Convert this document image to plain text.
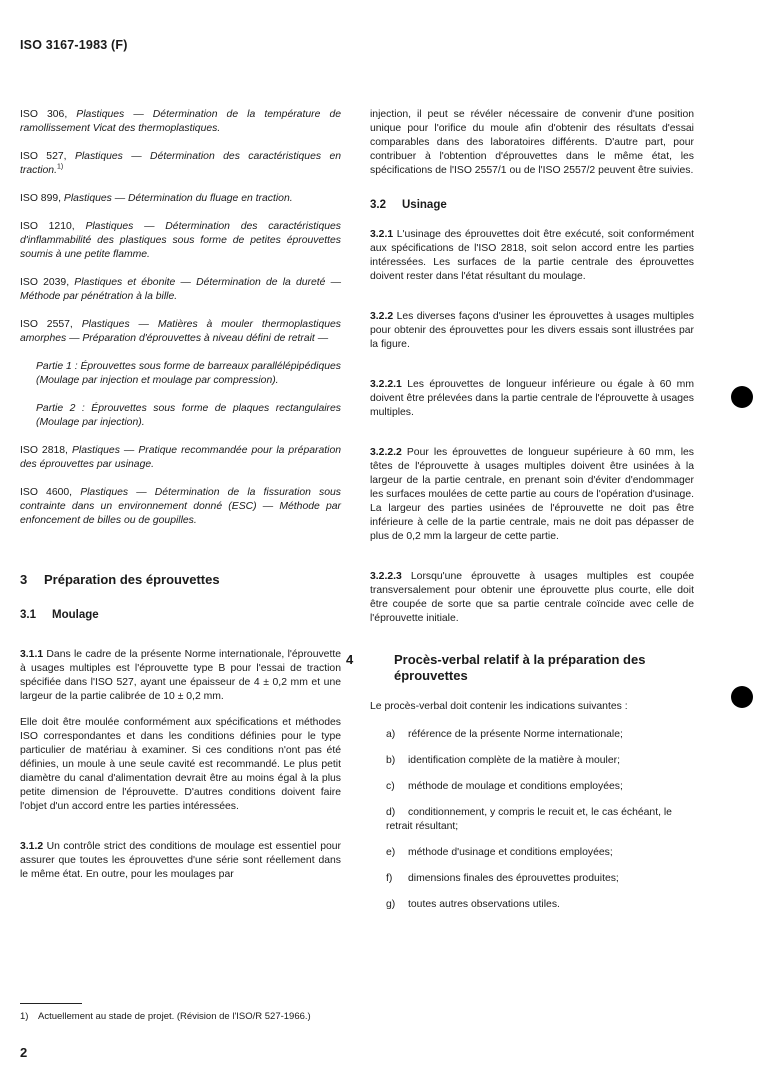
ISO 3167-1983 (F)

ISO 306, Plastiques — Détermination de la température de ramollissement Vicat des thermoplastiques.

ISO 527, Plastiques — Détermination des caractéristiques en traction.$^{1)}$

ISO 899, Plastiques — Détermination du fluage en traction.

ISO 1210, Plastiques — Détermination des caractéristiques d'inflammabilité des plastiques sous forme de petites éprouvettes soumis à une petite flamme.

ISO 2039, Plastiques et ébonite — Détermination de la dureté — Méthode par pénétration à la bille.

ISO 2557, Plastiques — Matières à mouler thermoplastiques amorphes — Préparation d'éprouvettes à niveau défini de retrait —

Partie 1 : Éprouvettes sous forme de barreaux parallélépipédiques (Moulage par injection et moulage par compression).

Partie 2 : Éprouvettes sous forme de plaques rectangulaires (Moulage par injection).

ISO 2818, Plastiques — Pratique recommandée pour la préparation des éprouvettes par usinage.

ISO 4600, Plastiques — Détermination de la fissuration sous contrainte dans un environnement donné (ESC) — Méthode par enfoncement de billes ou de goupilles.

3 Préparation des éprouvettes
3.1 Moulage

3.1.1 Dans le cadre de la présente Norme internationale, l'éprouvette à usages multiples est l'éprouvette type B pour l'essai de traction spécifiée dans l'ISO 527, ayant une épaisseur de 4 ± 0,2 mm et une largeur de la partie calibrée de 10 ± 0,2 mm.

Elle doit être moulée conformément aux spécifications et méthodes ISO correspondantes et dans les conditions définies pour le type particulier de matériau à examiner. Si ces conditions n'ont pas été définies, un moule à une seule cavité est recommandé. Le plus petit diamètre du canal d'alimentation devrait être au moins égal à la plus petite dimension de l'éprouvette. D'autres conditions doivent faire l'objet d'un accord entre les parties intéressées.

3.1.2 Un contrôle strict des conditions de moulage est essentiel pour assurer que toutes les éprouvettes d'une série sont réellement dans le même état. En outre, pour les moulages par

injection, il peut se révéler nécessaire de convenir d'une position unique pour l'orifice du moule afin d'obtenir des résultats d'essai comparables dans des laboratoires différents. D'autre part, pour contribuer à l'obtention d'éprouvettes dans le même état, les spécifications de l'ISO 2557/1 ou de l'ISO 2557/2 peuvent être suivies.

3.2 Usinage

3.2.1 L'usinage des éprouvettes doit être exécuté, soit conformément aux spécifications de l'ISO 2818, soit selon accord entre les parties intéressées. Les surfaces de la partie centrale des éprouvettes doivent rester dans l'état résultant du moulage.

3.2.2 Les diverses façons d'usiner les éprouvettes à usages multiples pour obtenir des éprouvettes pour les divers essais sont illustrées par la figure.

3.2.2.1 Les éprouvettes de longueur inférieure ou égale à 60 mm doivent être prélevées dans la partie centrale de l'éprouvette à usages multiples.

3.2.2.2 Pour les éprouvettes de longueur supérieure à 60 mm, les têtes de l'éprouvette à usages multiples doivent être usinées à la largeur de la partie centrale, en prenant soin d'éviter d'endommager les surfaces moulées de cette partie au cours de l'opération d'usinage. La largeur des parties usinées de l'éprouvette ne doit pas être inférieure à celle de la partie centrale, mais ne doit pas dépasser de plus de 0,2 mm la largeur de cette partie.

3.2.2.3 Lorsqu'une éprouvette à usages multiples est coupée transversalement pour obtenir une éprouvette plus courte, elle doit être coupée de sorte que sa partie centrale coïncide avec celle de l'éprouvette initiale.

4	Procès-verbal relatif à la préparation des éprouvettes

Le procès-verbal doit contenir les indications suivantes :

a) référence de la présente Norme internationale;
b) identification complète de la matière à mouler;
c) méthode de moulage et conditions employées;
d) conditionnement, y compris le recuit et, le cas échéant, le retrait résultant;
e) méthode d'usinage et conditions employées;
f) dimensions finales des éprouvettes produites;
g) toutes autres observations utiles.
1) Actuellement au stade de projet. (Révision de l'ISO/R 527-1966.)
2
